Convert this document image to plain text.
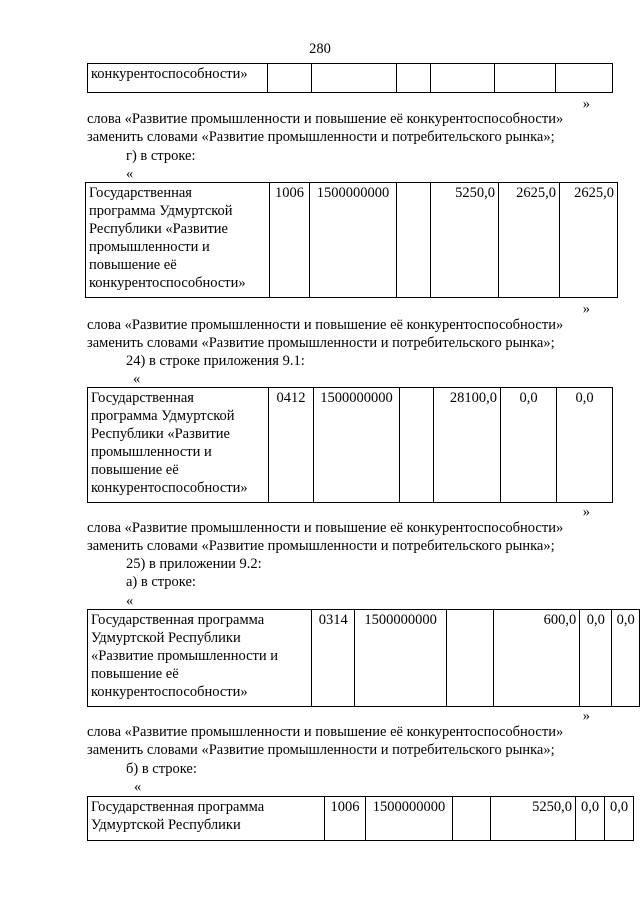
280
конкурентоспособности»						
»
слова «Развитие промышленности и повышение её конкурентоспособности»
заменить словами «Развитие промышленности и потребительского рынка»;
г) в строке:
«
Государственная
программа Удмуртской
Республики «Развитие
промышленности и
повышение её
конкурентоспособности»
	1006	1500000000		5250,0	2625,0	2625,0
»
слова «Развитие промышленности и повышение её конкурентоспособности»
заменить словами «Развитие промышленности и потребительского рынка»;
24) в строке приложения 9.1:
«
Государственная
программа Удмуртской
Республики «Развитие
промышленности и
повышение её
конкурентоспособности»
	0412	1500000000		28100,0	0,0	0,0
»
слова «Развитие промышленности и повышение её конкурентоспособности»
заменить словами «Развитие промышленности и потребительского рынка»;
25) в приложении 9.2:
а) в строке:
«
Государственная программа
Удмуртской Республики
«Развитие промышленности и
повышение её
конкурентоспособности»
	0314	1500000000		600,0	0,0	0,0
»
слова «Развитие промышленности и повышение её конкурентоспособности»
заменить словами «Развитие промышленности и потребительского рынка»;
б) в строке:
«
Государственная программа
Удмуртской Республики
	1006	1500000000		5250,0	0,0	0,0
